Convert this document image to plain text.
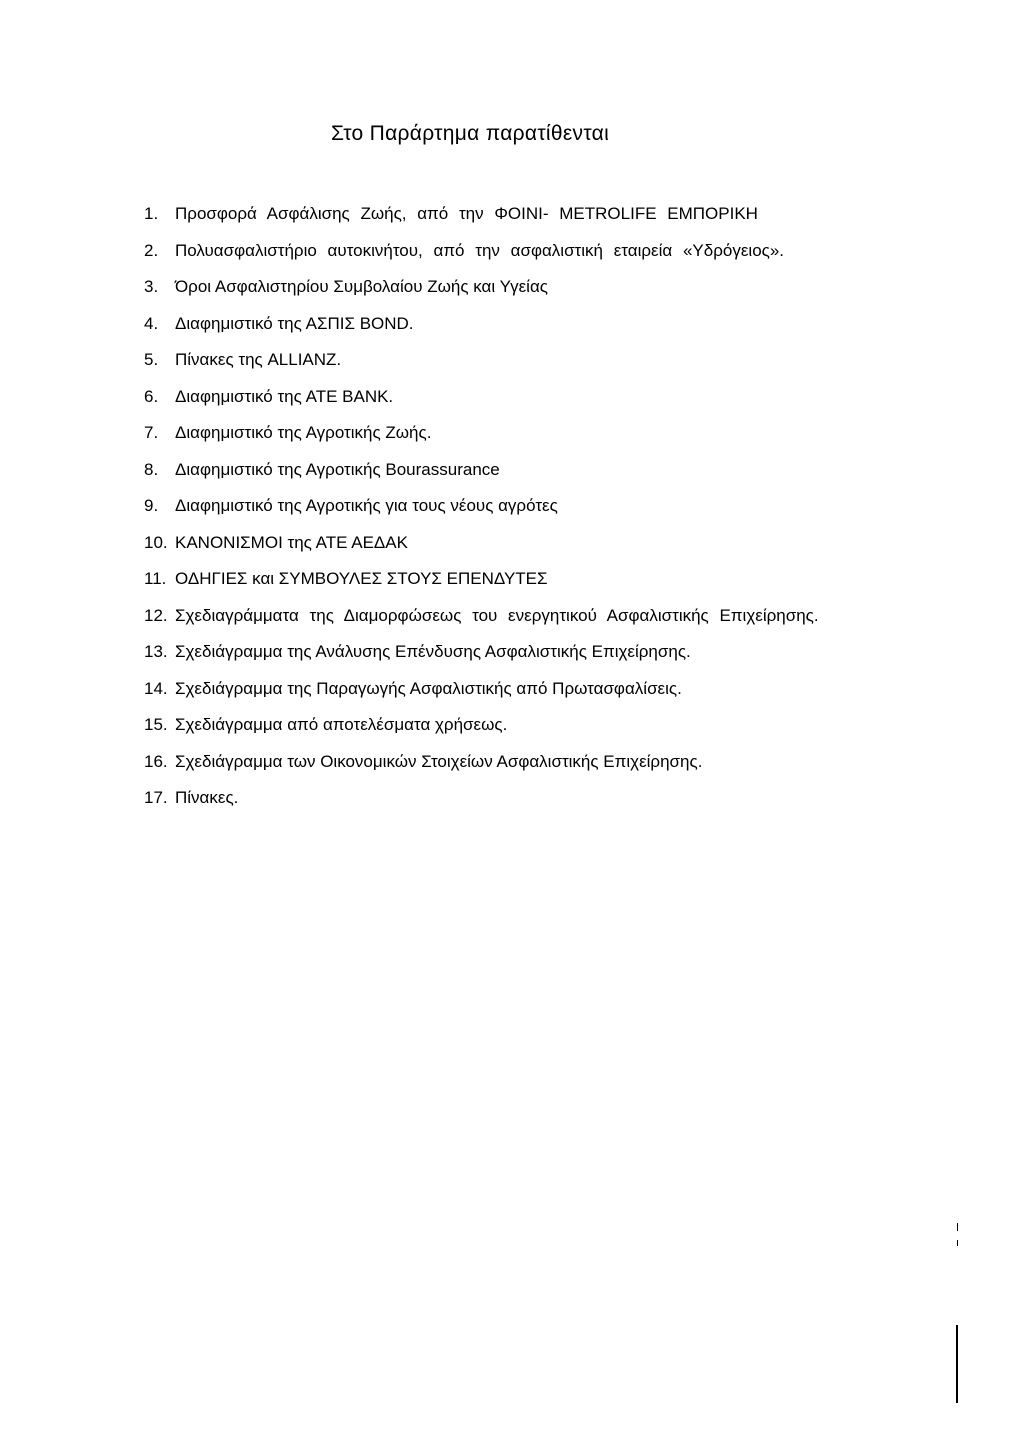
Στο Παράρτημα παρατίθενται
1. Προσφορά Ασφάλισης Ζωής, από την ΦΟΙΝΙ- METROLIFE ΕΜΠΟΡΙΚΗ
2. Πολυασφαλιστήριο αυτοκινήτου, από την ασφαλιστική εταιρεία «Υδρόγειος».
3. Όροι Ασφαλιστηρίου Συμβολαίου Ζωής και Υγείας
4. Διαφημιστικό της ΑΣΠΙΣ BOND.
5. Πίνακες της ALLIANZ.
6. Διαφημιστικό της ΑΤΕ BANK.
7. Διαφημιστικό της Αγροτικής Ζωής.
8. Διαφημιστικό της Αγροτικής Bourassurance
9. Διαφημιστικό της Αγροτικής για τους νέους αγρότες
10. ΚΑΝΟΝΙΣΜΟΙ της ΑΤΕ ΑΕΔΑΚ
11. ΟΔΗΓΙΕΣ και ΣΥΜΒΟΥΛΕΣ ΣΤΟΥΣ ΕΠΕΝΔΥΤΕΣ
12. Σχεδιαγράμματα της Διαμορφώσεως του ενεργητικού Ασφαλιστικής Επιχείρησης.
13. Σχεδιάγραμμα της Ανάλυσης Επένδυσης Ασφαλιστικής Επιχείρησης.
14. Σχεδιάγραμμα της Παραγωγής Ασφαλιστικής από Πρωτασφαλίσεις.
15. Σχεδιάγραμμα από αποτελέσματα χρήσεως.
16. Σχεδιάγραμμα των Οικονομικών Στοιχείων Ασφαλιστικής Επιχείρησης.
17. Πίνακες.
